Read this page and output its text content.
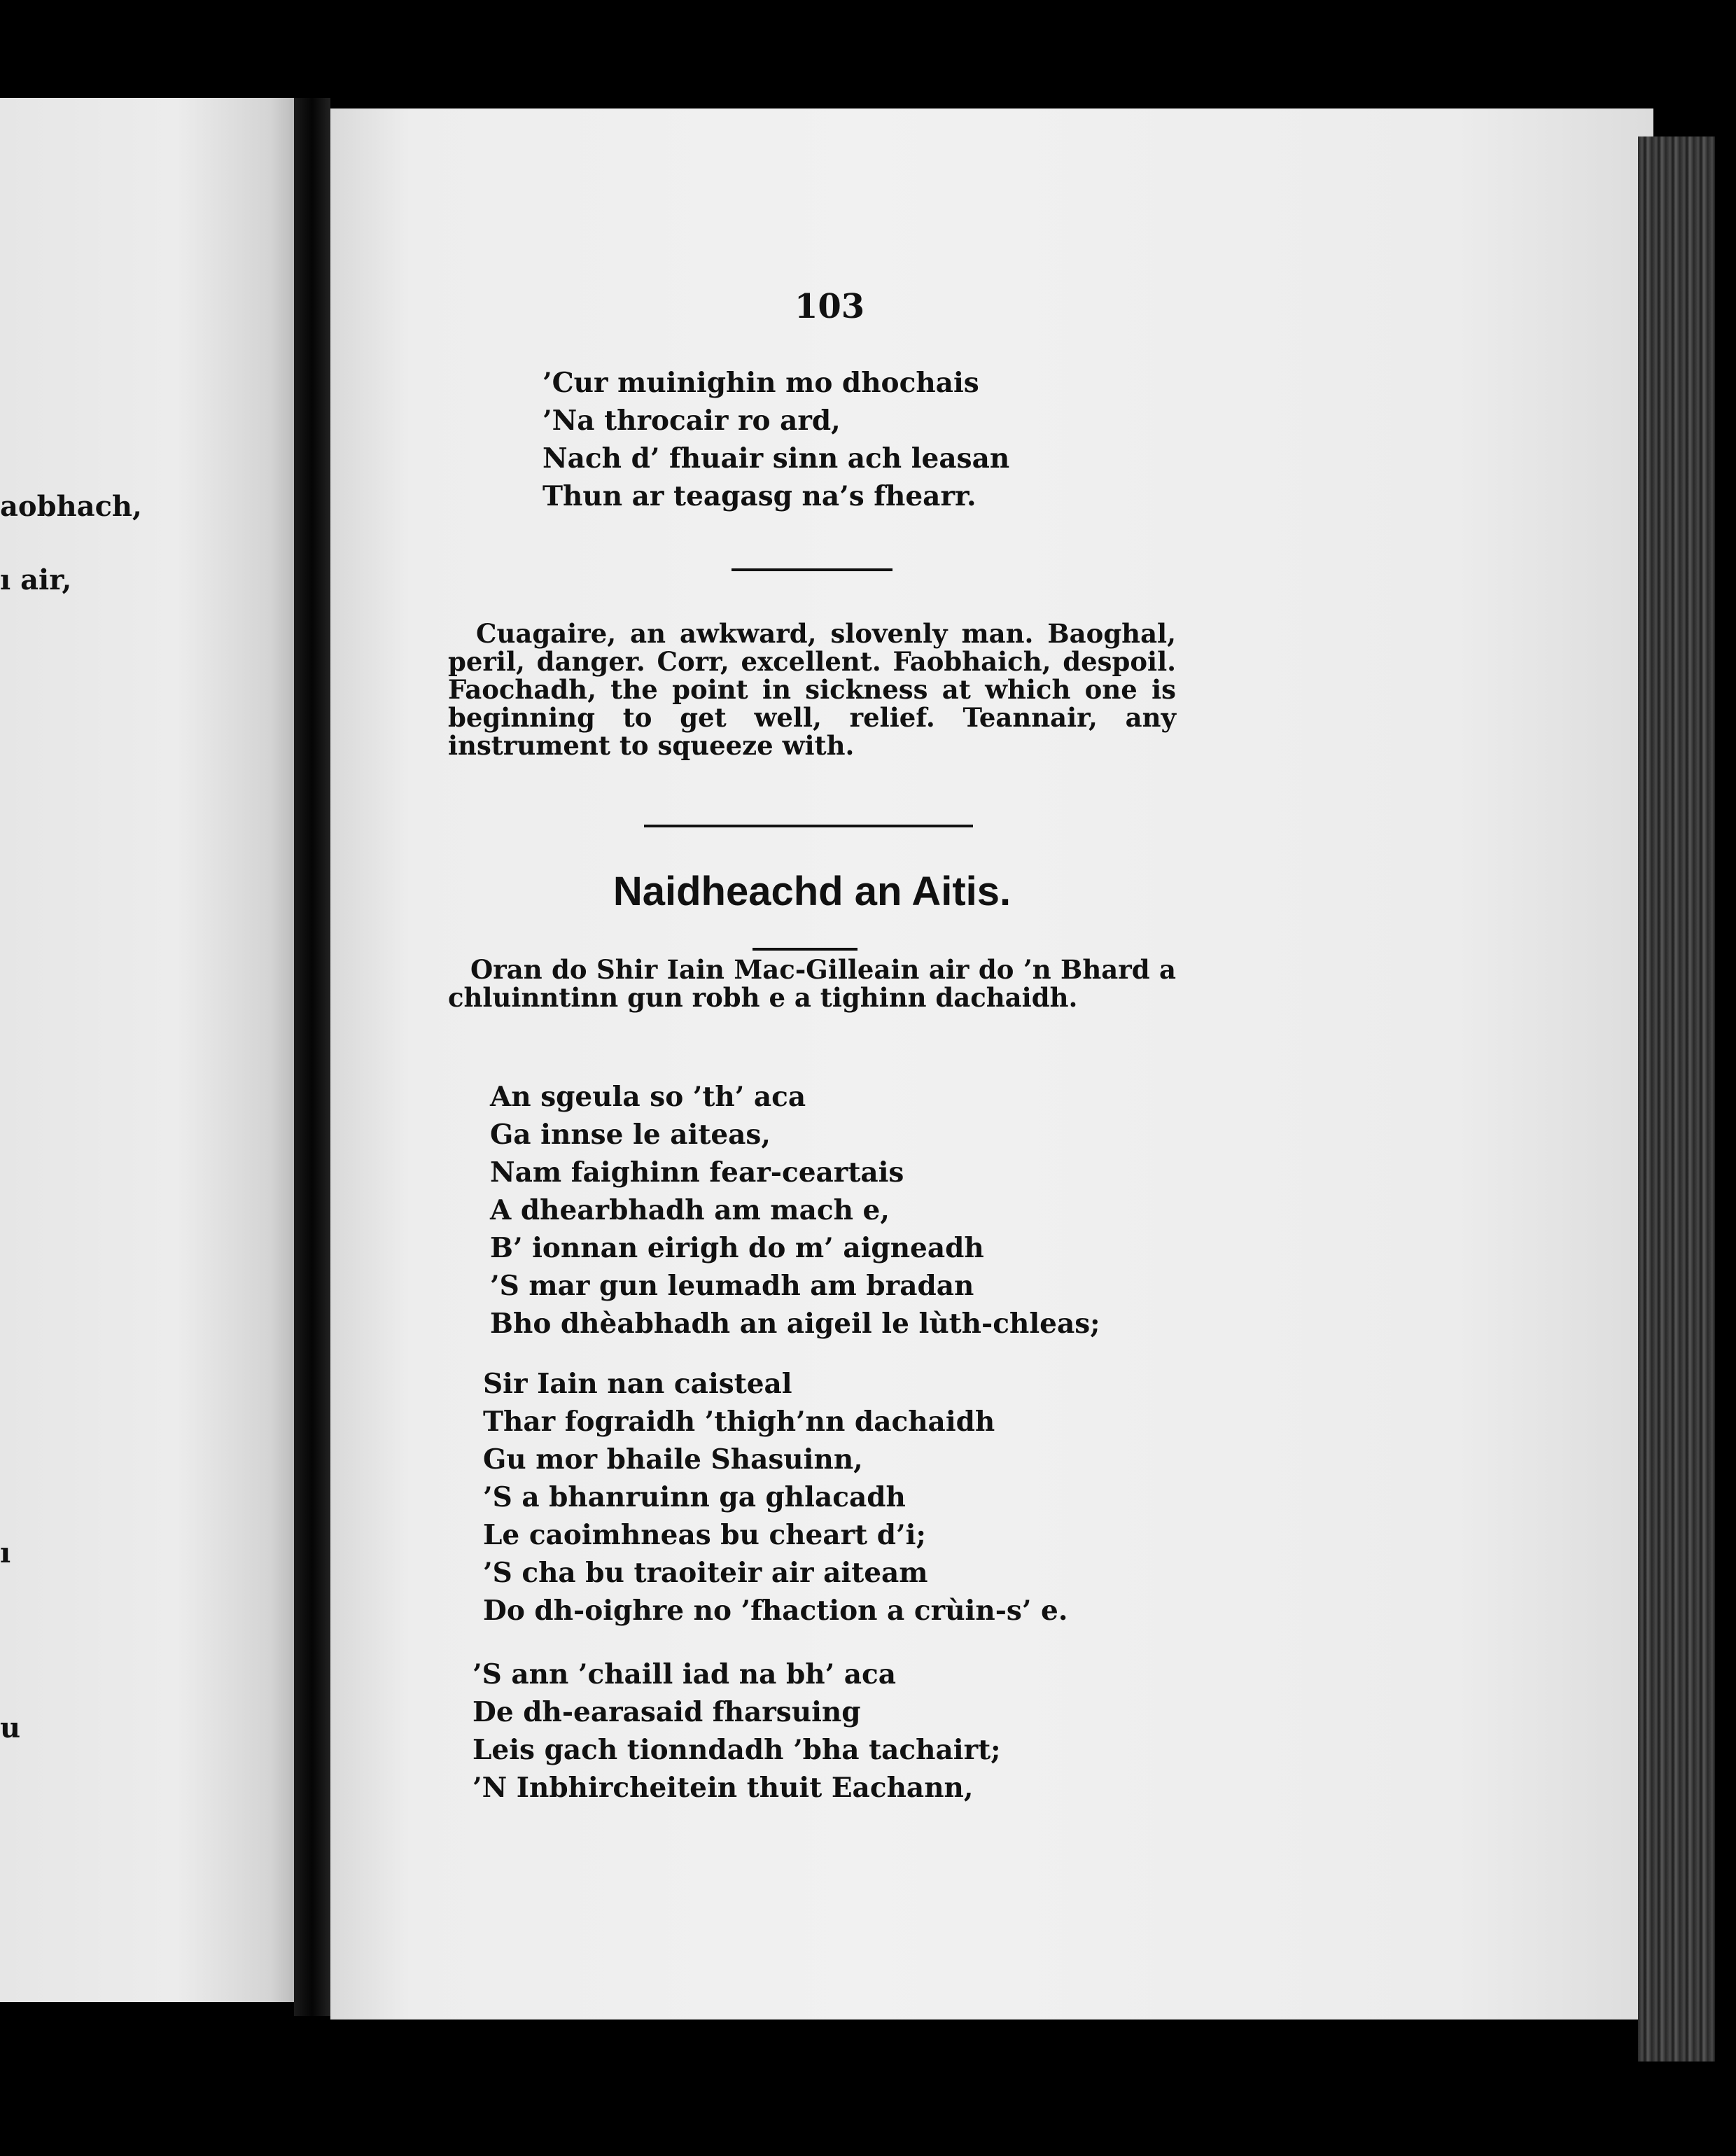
aobhach,
ı air,
ı
u
103
’Cur muinighin mo dhochais
’Na throcair ro ard,
Nach d’ fhuair sinn ach leasan
Thun ar teagasg na’s fhearr.
Cuagaire, an awkward, slovenly man. Baoghal, peril, danger. Corr, excellent. Faobhaich, despoil. Faochadh, the point in sickness at which one is beginning to get well, relief. Teannair, any instrument to squeeze with.
Naidheachd an Aitis.
Oran do Shir Iain Mac-Gilleain air do ’n Bhard a chluinntinn gun robh e a tighinn dachaidh.
An sgeula so ’th’ aca
Ga innse le aiteas,
Nam faighinn fear-ceartais
A dhearbhadh am mach e,
B’ ionnan eirigh do m’ aigneadh
’S mar gun leumadh am bradan
Bho dhèabhadh an aigeil le lùth-chleas;
Sir Iain nan caisteal
Thar fograidh ’thigh’nn dachaidh
Gu mor bhaile Shasuinn,
’S a bhanruinn ga ghlacadh
Le caoimhneas bu cheart d’i;
’S cha bu traoiteir air aiteam
Do dh-oighre no ’fhaction a crùin-s’ e.
’S ann ’chaill iad na bh’ aca
De dh-earasaid fharsuing
Leis gach tionndadh ’bha tachairt;
’N Inbhircheitein thuit Eachann,
